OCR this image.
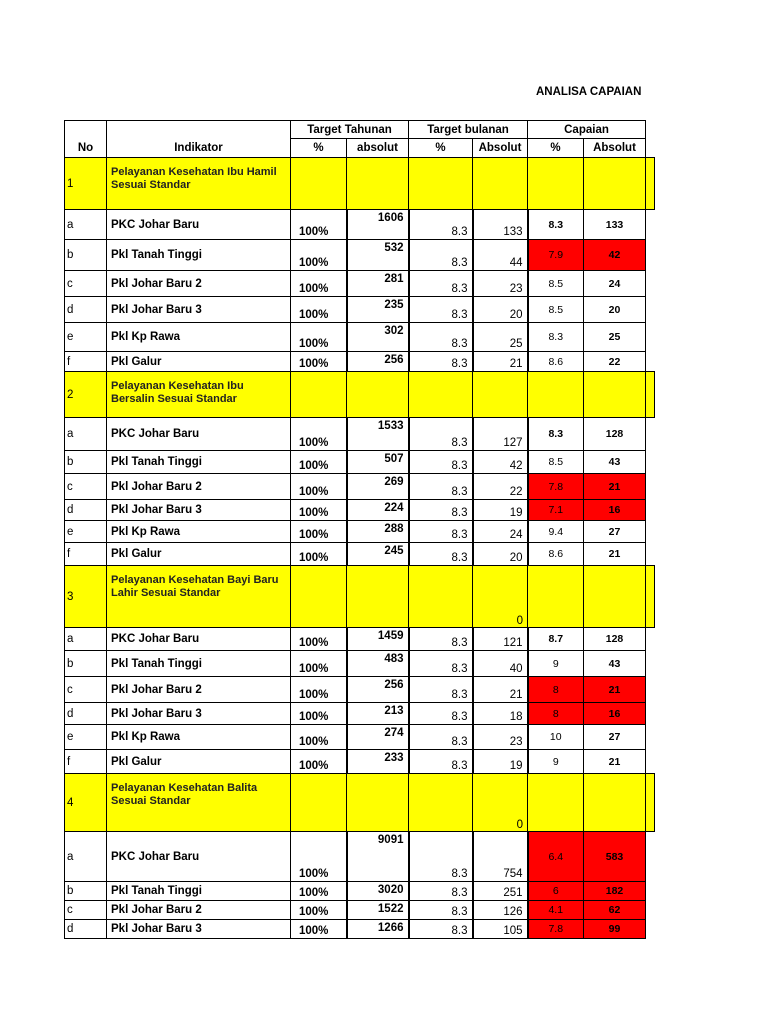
ANALISA CAPAIAN
		Target Tahunan		Target bulanan		Capaian		
No	Indikator	%	absolut	%	Absolut	%	Absolut	
1	Pelayanan Kesehatan Ibu Hamil Sesuai Standar							
a	PKC Johar Baru	100%	1606	8.3	133	8.3	133	
b	Pkl Tanah Tinggi	100%	532	8.3	44	7.9	42	
c	Pkl Johar Baru 2	100%	281	8.3	23	8.5	24	
d	Pkl Johar Baru 3	100%	235	8.3	20	8.5	20	
e	Pkl Kp Rawa	100%	302	8.3	25	8.3	25	
f	Pkl Galur	100%	256	8.3	21	8.6	22	
2	Pelayanan Kesehatan Ibu Bersalin Sesuai Standar							
a	PKC Johar Baru	100%	1533	8.3	127	8.3	128	
b	Pkl Tanah Tinggi	100%	507	8.3	42	8.5	43	
c	Pkl Johar Baru 2	100%	269	8.3	22	7.8	21	
d	Pkl Johar Baru 3	100%	224	8.3	19	7.1	16	
e	Pkl Kp Rawa	100%	288	8.3	24	9.4	27	
f	Pkl Galur	100%	245	8.3	20	8.6	21	
3	Pelayanan Kesehatan Bayi Baru Lahir Sesuai Standar				0			
a	PKC Johar Baru	100%	1459	8.3	121	8.7	128	
b	Pkl Tanah Tinggi	100%	483	8.3	40	9	43	
c	Pkl Johar Baru 2	100%	256	8.3	21	8	21	
d	Pkl Johar Baru 3	100%	213	8.3	18	8	16	
e	Pkl Kp Rawa	100%	274	8.3	23	10	27	
f	Pkl Galur	100%	233	8.3	19	9	21	
4	Pelayanan Kesehatan Balita Sesuai Standar				0			
a	PKC Johar Baru	100%	9091	8.3	754	6.4	583	
b	Pkl Tanah Tinggi	100%	3020	8.3	251	6	182	
c	Pkl Johar Baru 2	100%	1522	8.3	126	4.1	62	
d	Pkl Johar Baru 3	100%	1266	8.3	105	7.8	99	
